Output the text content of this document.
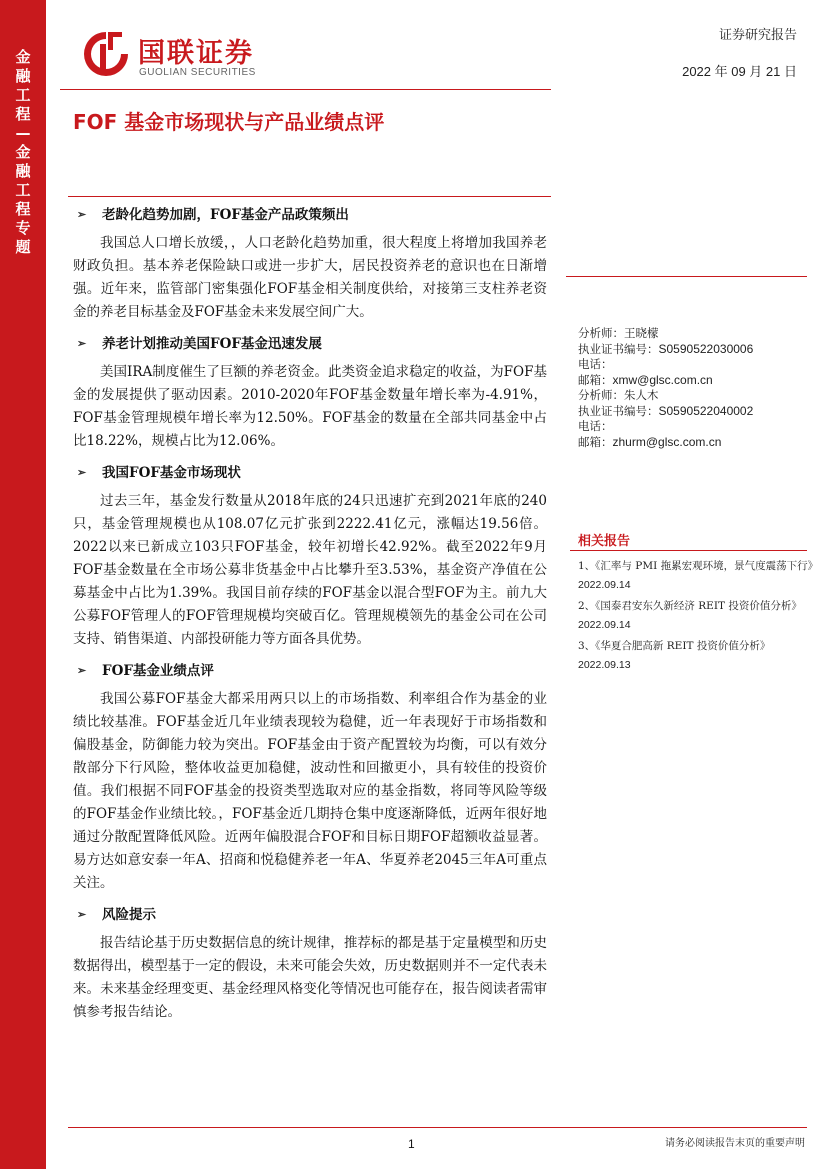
金融工程—金融工程专题
国联证券
GUOLIAN SECURITIES
证券研究报告
2022 年 09 月 21 日
FOF 基金市场现状与产品业绩点评
➢ 老龄化趋势加剧，FOF基金产品政策频出
我国总人口增长放缓，，人口老龄化趋势加重，很大程度上将增加我国养老财政负担。基本养老保险缺口或进一步扩大，居民投资养老的意识也在日渐增强。近年来，监管部门密集强化FOF基金相关制度供给，对接第三支柱养老资金的养老目标基金及FOF基金未来发展空间广大。
➢ 养老计划推动美国FOF基金迅速发展
美国IRA制度催生了巨额的养老资金。此类资金追求稳定的收益，为FOF基金的发展提供了驱动因素。2010-2020年FOF基金数量年增长率为-4.91%，FOF基金管理规模年增长率为12.50%。FOF基金的数量在全部共同基金中占比18.22%，规模占比为12.06%。
➢ 我国FOF基金市场现状
过去三年，基金发行数量从2018年底的24只迅速扩充到2021年底的240只，基金管理规模也从108.07亿元扩张到2222.41亿元，涨幅达19.56倍。2022以来已新成立103只FOF基金，较年初增长42.92%。截至2022年9月FOF基金数量在全市场公募非货基金中占比攀升至3.53%，基金资产净值在公募基金中占比为1.39%。我国目前存续的FOF基金以混合型FOF为主。前九大公募FOF管理人的FOF管理规模均突破百亿。管理规模领先的基金公司在公司支持、销售渠道、内部投研能力等方面各具优势。
➢ FOF基金业绩点评
我国公募FOF基金大都采用两只以上的市场指数、利率组合作为基金的业绩比较基准。FOF基金近几年业绩表现较为稳健，近一年表现好于市场指数和偏股基金，防御能力较为突出。FOF基金由于资产配置较为均衡，可以有效分散部分下行风险，整体收益更加稳健，波动性和回撤更小，具有较佳的投资价值。我们根据不同FOF基金的投资类型选取对应的基金指数，将同等风险等级的FOF基金作业绩比较。，FOF基金近几期持仓集中度逐渐降低，近两年很好地通过分散配置降低风险。近两年偏股混合FOF和目标日期FOF超额收益显著。易方达如意安泰一年A、招商和悦稳健养老一年A、华夏养老2045三年A可重点关注。
➢ 风险提示
报告结论基于历史数据信息的统计规律，推荐标的都是基于定量模型和历史数据得出，模型基于一定的假设，未来可能会失效，历史数据则并不一定代表未来。未来基金经理变更、基金经理风格变化等情况也可能存在，报告阅读者需审慎参考报告结论。
分析师：王晓檬
执业证书编号：S0590522030006
电话：
邮箱：xmw@glsc.com.cn
分析师：朱人木
执业证书编号：S0590522040002
电话：
邮箱：zhurm@glsc.com.cn
相关报告
1、《汇率与 PMI 拖累宏观环境，景气度震荡下行》
2022.09.14
2、《国泰君安东久新经济 REIT 投资价值分析》
2022.09.14
3、《华夏合肥高新 REIT 投资价值分析》
2022.09.13
1	请务必阅读报告末页的重要声明
